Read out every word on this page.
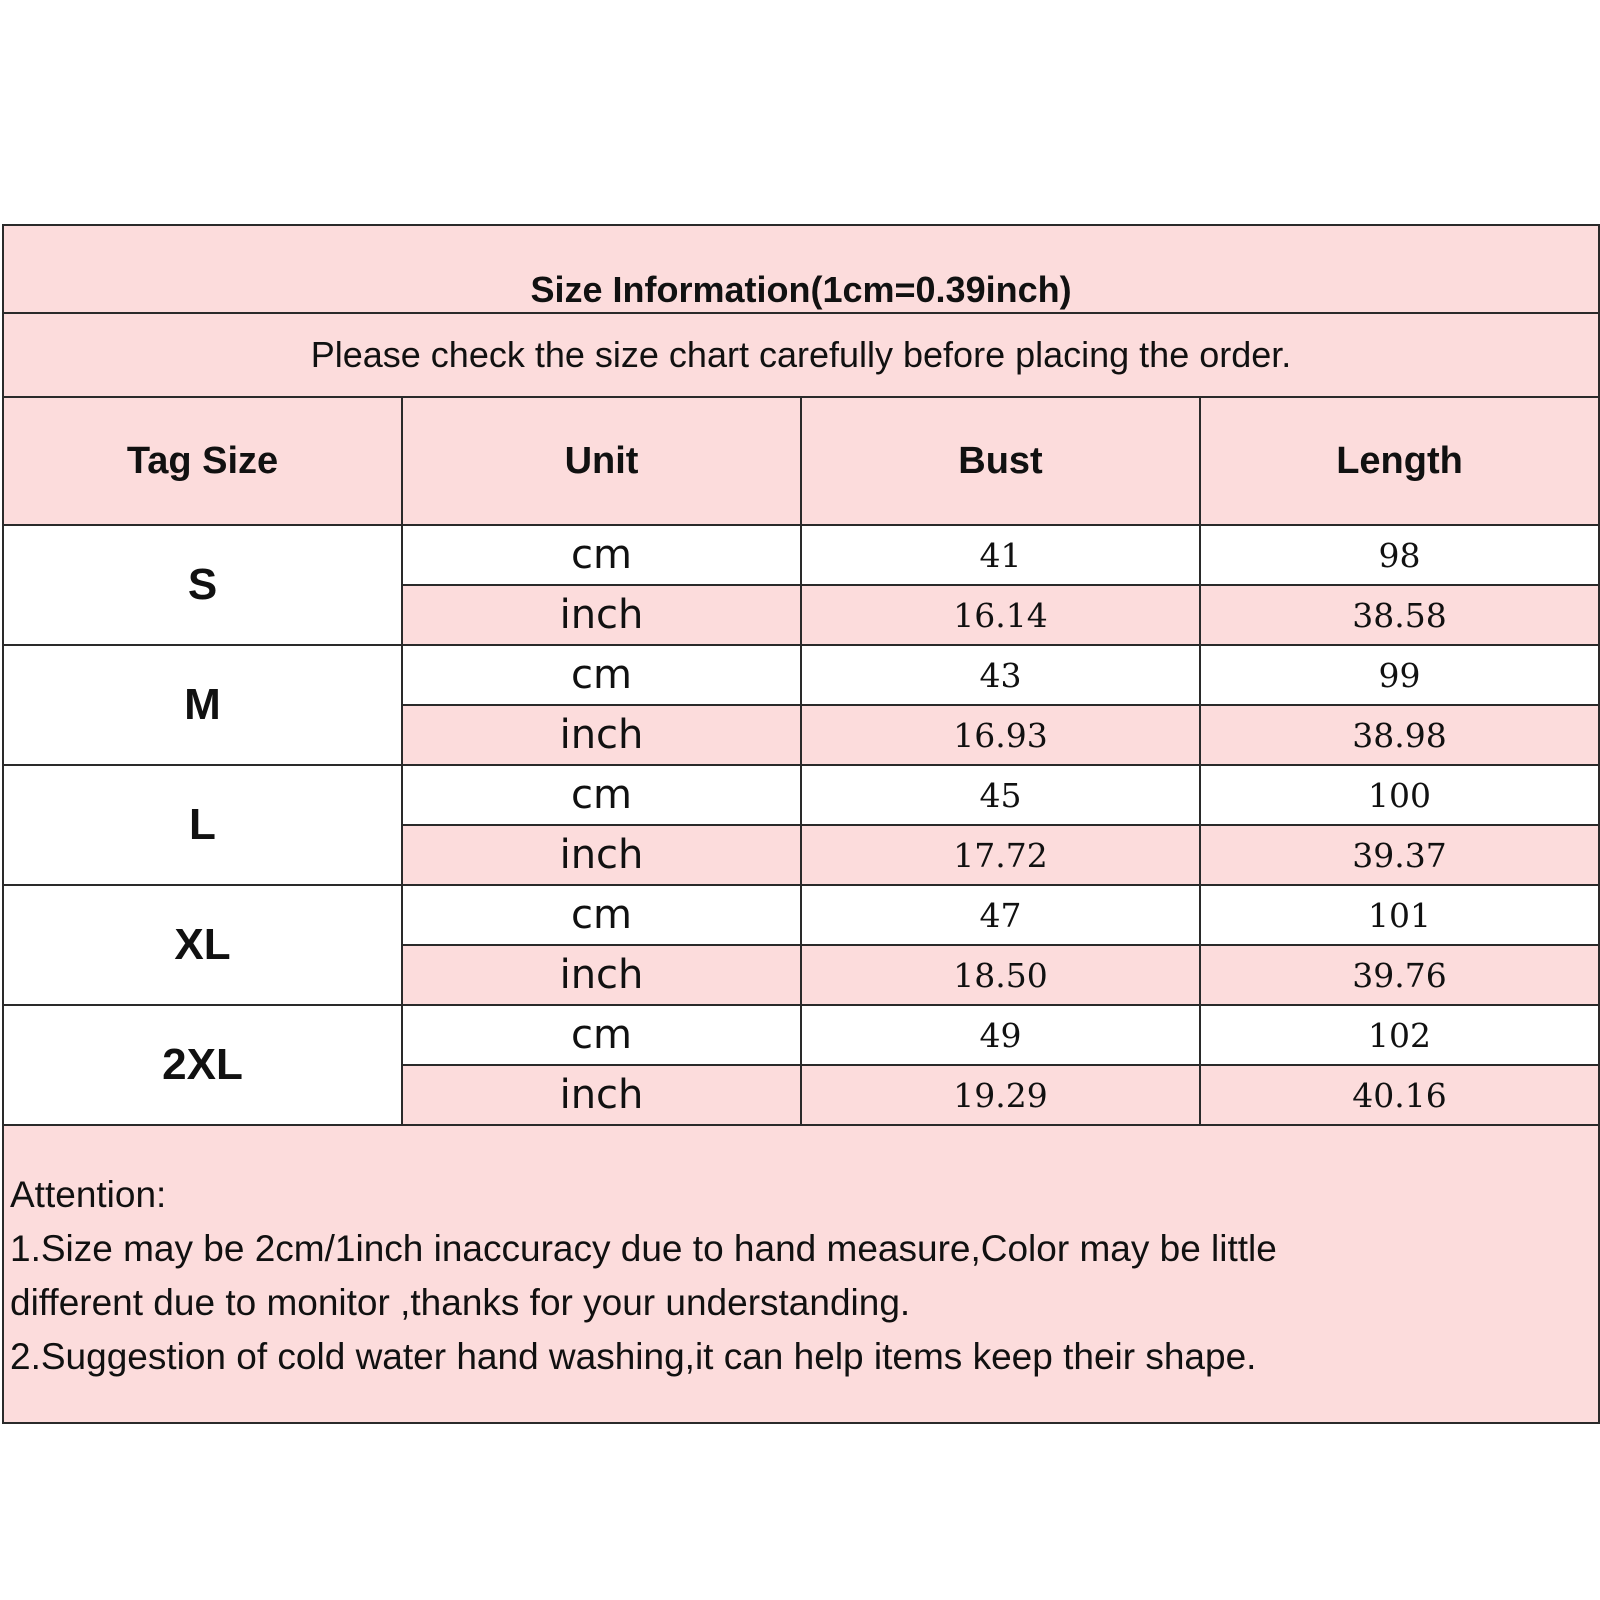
Size Information(1cm=0.39inch)			
Please check the size chart carefully before placing the order.			
Tag Size	Unit	Bust	Length
S	cm	41	98
	inch	16.14	38.58
M	cm	43	99
	inch	16.93	38.98
L	cm	45	100
	inch	17.72	39.37
XL	cm	47	101
	inch	18.50	39.76
2XL	cm	49	102
	inch	19.29	40.16

Attention:
1.Size may be 2cm/1inch inaccuracy due to hand measure,Color may be little
different due to monitor ,thanks for your understanding.
2.Suggestion of cold water hand washing,it can help items keep their shape.			
